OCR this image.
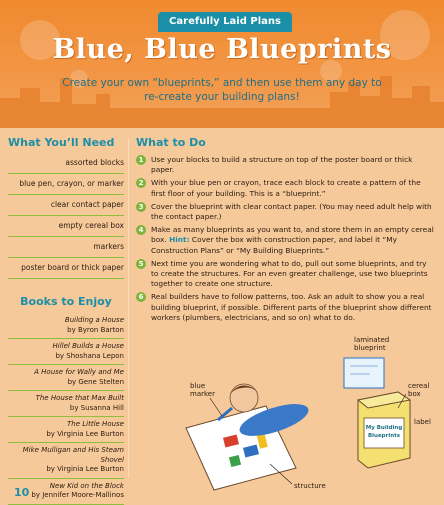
Carefully Laid Plans
Blue, Blue Blueprints
Create your own “blueprints,” and then use them any day to re-create your building plans!
What You’ll Need
assorted blocks
blue pen, crayon, or marker
clear contact paper
empty cereal box
markers
poster board or thick paper
Books to Enjoy
Building a House
by Byron Barton
Hillel Builds a House
by Shoshana Lepon
A House for Wally and Me
by Gene Stelten
The House that Max Built
by Susanna Hill
The Little House
by Virginia Lee Burton
Mike Mulligan and His Steam Shovel
by Virginia Lee Burton
New Kid on the Block
by Jennifer Moore-Mallinos
What to Do
1	Use your blocks to build a structure on top of the poster board or thick paper.
2	With your blue pen or crayon, trace each block to create a pattern of the first floor of your building. This is a “blueprint.”
3	Cover the blueprint with clear contact paper. (You may need adult help with the contact paper.)
4	Make as many blueprints as you want to, and store them in an empty cereal box. Hint: Cover the box with construction paper, and label it “My Construction Plans” or “My Building Blueprints.”
5	Next time you are wondering what to do, pull out some blueprints, and try to create the structures. For an even greater challenge, use two blueprints together to create one structure.
6	Real builders have to follow patterns, too. Ask an adult to show you a real building blueprint, if possible. Different parts of the blueprint show different workers (plumbers, electricians, and so on) what to do.
My Building
Blueprints
laminated
blueprint
blue
marker
cereal
box
label
structure
10
